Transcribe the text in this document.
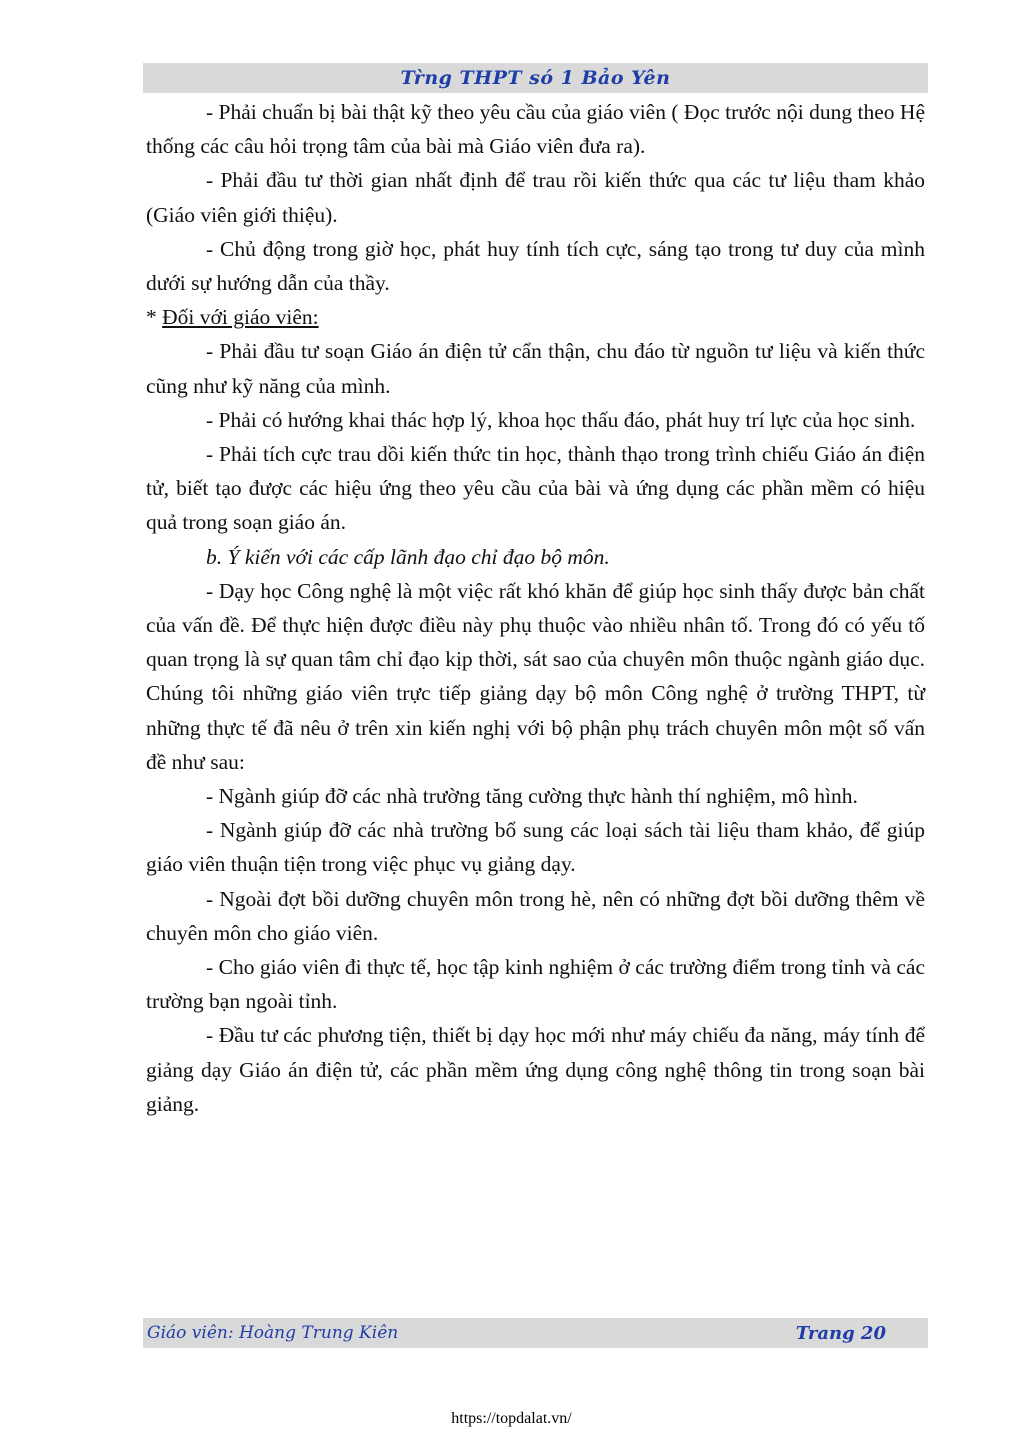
Tr̀ng THPT só 1 Bảo Yên

- Phải chuẩn bị bài thật kỹ theo yêu cầu của giáo viên ( Đọc trước nội dung theo Hệ thống các câu hỏi trọng tâm của bài mà Giáo viên đưa ra).

- Phải đầu tư thời gian nhất định để trau rồi kiến thức qua các tư liệu tham khảo (Giáo viên giới thiệu).

- Chủ động trong giờ học, phát huy tính tích cực, sáng tạo trong tư duy của mình dưới sự hướng dẫn của thầy.

* Đối với giáo viên:

- Phải đầu tư soạn Giáo án điện tử cẩn thận, chu đáo từ nguồn tư liệu và kiến thức cũng như kỹ năng của mình.

- Phải có hướng khai thác hợp lý, khoa học thấu đáo, phát huy trí lực của học sinh.

- Phải tích cực trau dồi kiến thức tin học, thành thạo trong trình chiếu Giáo án điện tử, biết tạo được các hiệu ứng theo yêu cầu của bài và ứng dụng các phần mềm có hiệu quả trong soạn giáo án.

b. Ý kiến với các cấp lãnh đạo chỉ đạo bộ môn.

- Dạy học Công nghệ là một việc rất khó khăn để giúp học sinh thấy được bản chất của vấn đề. Để thực hiện được điều này phụ thuộc vào nhiều nhân tố. Trong đó có yếu tố quan trọng là sự quan tâm chỉ đạo kịp thời, sát sao của chuyên môn thuộc ngành giáo dục. Chúng tôi những giáo viên trực tiếp giảng dạy bộ môn Công nghệ ở trường THPT, từ những thực tế đã nêu ở trên xin kiến nghị với bộ phận phụ trách chuyên môn một số vấn đề như sau:

- Ngành giúp đỡ các nhà trường tăng cường thực hành thí nghiệm, mô hình.

- Ngành giúp đỡ các nhà trường bổ sung các loại sách tài liệu tham khảo, để giúp giáo viên thuận tiện trong việc phục vụ giảng dạy.

- Ngoài đợt bồi dưỡng chuyên môn trong hè, nên có những đợt bồi dưỡng thêm về chuyên môn cho giáo viên.

- Cho giáo viên đi thực tế, học tập kinh nghiệm ở các trường điểm trong tỉnh và các trường bạn ngoài tỉnh.

- Đầu tư các phương tiện, thiết bị dạy học mới như máy chiếu đa năng, máy tính để giảng dạy Giáo án điện tử, các phần mềm ứng dụng công nghệ thông tin trong soạn bài giảng.

Giáo viên: Hoàng Trung Kiên	Trang 20
https://topdalat.vn/
